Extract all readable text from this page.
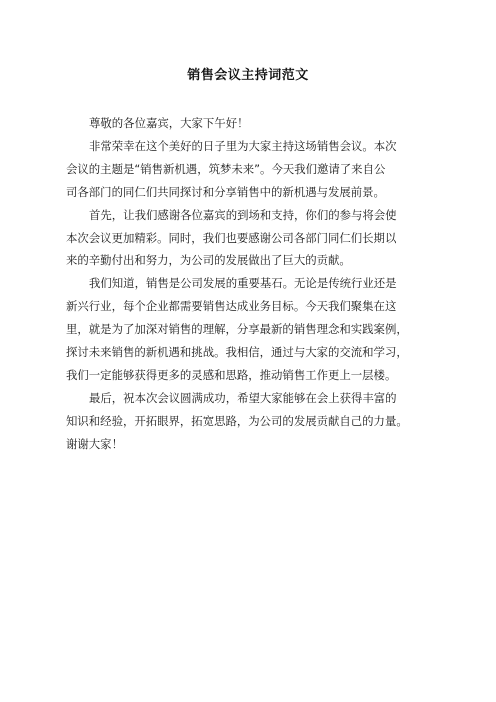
销售会议主持词范文

尊敬的各位嘉宾，大家下午好！

非常荣幸在这个美好的日子里为大家主持这场销售会议。本次
会议的主题是“销售新机遇，筑梦未来”。今天我们邀请了来自公
司各部门的同仁们共同探讨和分享销售中的新机遇与发展前景。

首先，让我们感谢各位嘉宾的到场和支持，你们的参与将会使
本次会议更加精彩。同时，我们也要感谢公司各部门同仁们长期以
来的辛勤付出和努力，为公司的发展做出了巨大的贡献。

我们知道，销售是公司发展的重要基石。无论是传统行业还是
新兴行业，每个企业都需要销售达成业务目标。今天我们聚集在这
里，就是为了加深对销售的理解，分享最新的销售理念和实践案例，
探讨未来销售的新机遇和挑战。我相信，通过与大家的交流和学习，
我们一定能够获得更多的灵感和思路，推动销售工作更上一层楼。

最后，祝本次会议圆满成功，希望大家能够在会上获得丰富的
知识和经验，开拓眼界，拓宽思路，为公司的发展贡献自己的力量。
谢谢大家！
